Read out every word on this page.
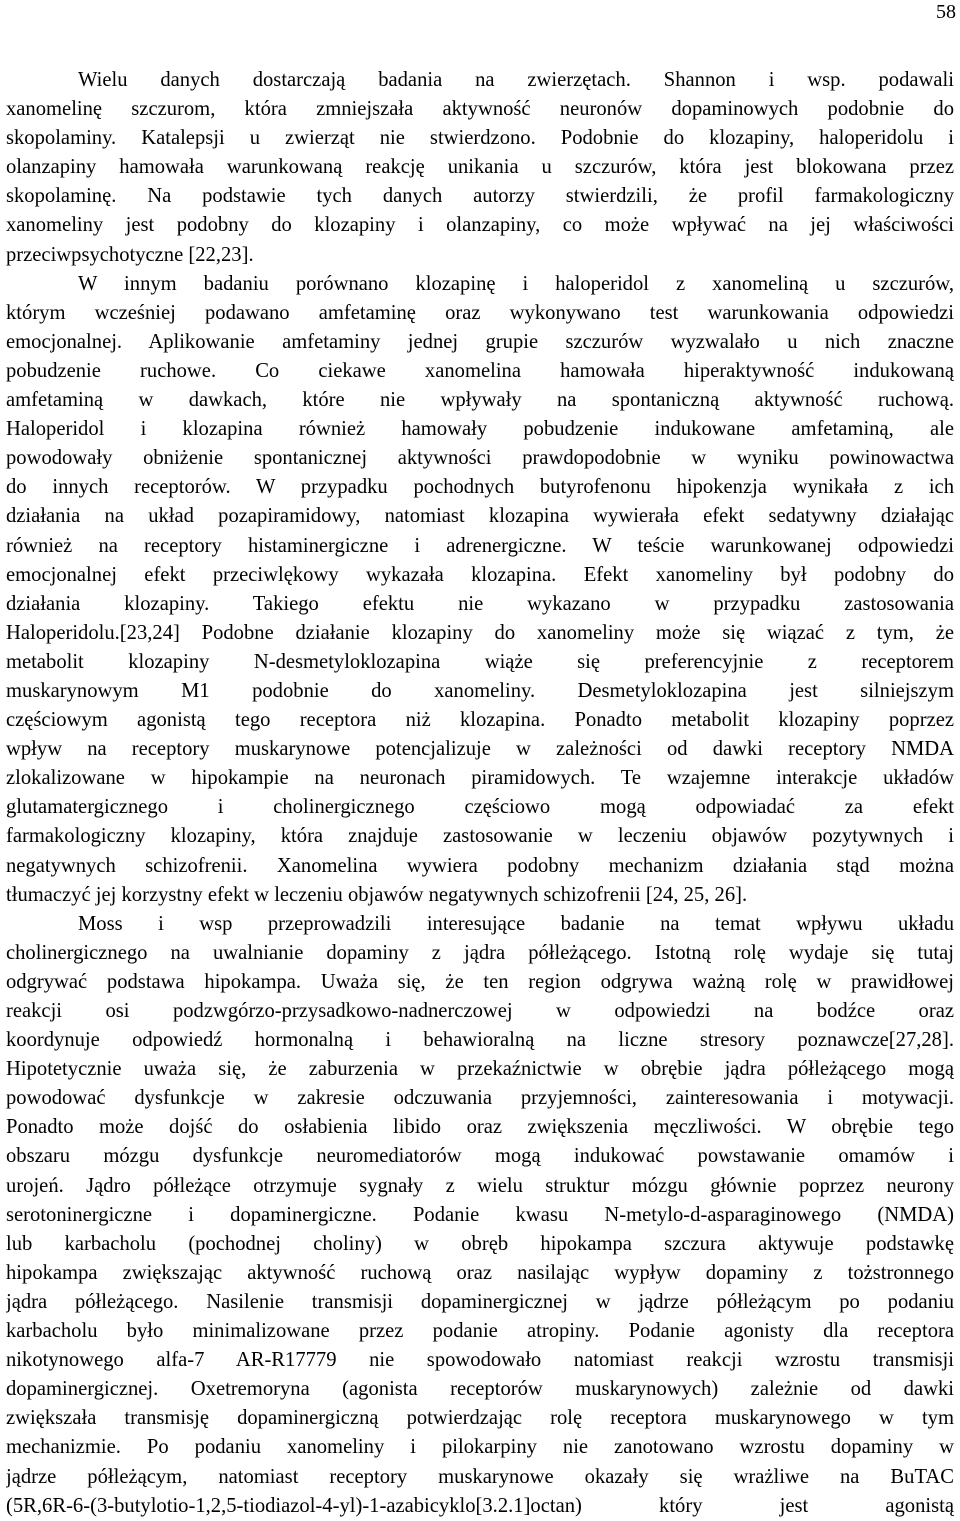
58
Wielu danych dostarczają badania na zwierzętach. Shannon i wsp. podawali
xanomelinę szczurom, która zmniejszała aktywność neuronów dopaminowych podobnie do
skopolaminy. Katalepsji u zwierząt nie stwierdzono. Podobnie do klozapiny, haloperidolu i
olanzapiny hamowała warunkowaną reakcję unikania u szczurów, która jest blokowana przez
skopolaminę. Na podstawie tych danych autorzy stwierdzili, że profil farmakologiczny
xanomeliny jest podobny do klozapiny i olanzapiny, co może wpływać na jej właściwości
przeciwpsychotyczne [22,23].
W innym badaniu porównano klozapinę i haloperidol z xanomeliną u szczurów,
którym wcześniej podawano amfetaminę oraz wykonywano test warunkowania odpowiedzi
emocjonalnej. Aplikowanie amfetaminy jednej grupie szczurów wyzwalało u nich znaczne
pobudzenie ruchowe. Co ciekawe xanomelina hamowała hiperaktywność indukowaną
amfetaminą w dawkach, które nie wpływały na spontaniczną aktywność ruchową.
Haloperidol i klozapina również hamowały pobudzenie indukowane amfetaminą, ale
powodowały obniżenie spontanicznej aktywności prawdopodobnie w wyniku powinowactwa
do innych receptorów. W przypadku pochodnych butyrofenonu hipokenzja wynikała z ich
działania na układ pozapiramidowy, natomiast klozapina wywierała efekt sedatywny działając
również na receptory histaminergiczne i adrenergiczne. W teście warunkowanej odpowiedzi
emocjonalnej efekt przeciwlękowy wykazała klozapina. Efekt xanomeliny był podobny do
działania klozapiny. Takiego efektu nie wykazano w przypadku zastosowania
Haloperidolu.[23,24] Podobne działanie klozapiny do xanomeliny może się wiązać z tym, że
metabolit klozapiny N-desmetyloklozapina wiąże się preferencyjnie z receptorem
muskarynowym M1 podobnie do xanomeliny. Desmetyloklozapina jest silniejszym
częściowym agonistą tego receptora niż klozapina. Ponadto metabolit klozapiny poprzez
wpływ na receptory muskarynowe potencjalizuje w zależności od dawki receptory NMDA
zlokalizowane w hipokampie na neuronach piramidowych. Te wzajemne interakcje układów
glutamatergicznego i cholinergicznego częściowo mogą odpowiadać za efekt
farmakologiczny klozapiny, która znajduje zastosowanie w leczeniu objawów pozytywnych i
negatywnych schizofrenii. Xanomelina wywiera podobny mechanizm działania stąd można
tłumaczyć jej korzystny efekt w leczeniu objawów negatywnych schizofrenii [24, 25, 26].
Moss i wsp przeprowadzili interesujące badanie na temat wpływu układu
cholinergicznego na uwalnianie dopaminy z jądra półleżącego. Istotną rolę wydaje się tutaj
odgrywać podstawa hipokampa. Uważa się, że ten region odgrywa ważną rolę w prawidłowej
reakcji osi podzwgórzo-przysadkowo-nadnerczowej w odpowiedzi na bodźce oraz
koordynuje odpowiedź hormonalną i behawioralną na liczne stresory poznawcze[27,28].
Hipotetycznie uważa się, że zaburzenia w przekaźnictwie w obrębie jądra półleżącego mogą
powodować dysfunkcje w zakresie odczuwania przyjemności, zainteresowania i motywacji.
Ponadto może dojść do osłabienia libido oraz zwiększenia męczliwości. W obrębie tego
obszaru mózgu dysfunkcje neuromediatorów mogą indukować powstawanie omamów i
urojeń. Jądro półleżące otrzymuje sygnały z wielu struktur mózgu głównie poprzez neurony
serotoninergiczne i dopaminergiczne. Podanie kwasu N-metylo-d-asparaginowego (NMDA)
lub karbacholu (pochodnej choliny) w obręb hipokampa szczura aktywuje podstawkę
hipokampa zwiększając aktywność ruchową oraz nasilając wypływ dopaminy z tożstronnego
jądra półleżącego. Nasilenie transmisji dopaminergicznej w jądrze półleżącym po podaniu
karbacholu było minimalizowane przez podanie atropiny. Podanie agonisty dla receptora
nikotynowego alfa-7 AR-R17779 nie spowodowało natomiast reakcji wzrostu transmisji
dopaminergicznej. Oxetremoryna (agonista receptorów muskarynowych) zależnie od dawki
zwiększała transmisję dopaminergiczną potwierdzając rolę receptora muskarynowego w tym
mechanizmie. Po podaniu xanomeliny i pilokarpiny nie zanotowano wzrostu dopaminy w
jądrze półleżącym, natomiast receptory muskarynowe okazały się wrażliwe na BuTAC
(5R,6R-6-(3-butylotio-1,2,5-tiodiazol-4-yl)-1-azabicyklo[3.2.1]octan) który jest agonistą
